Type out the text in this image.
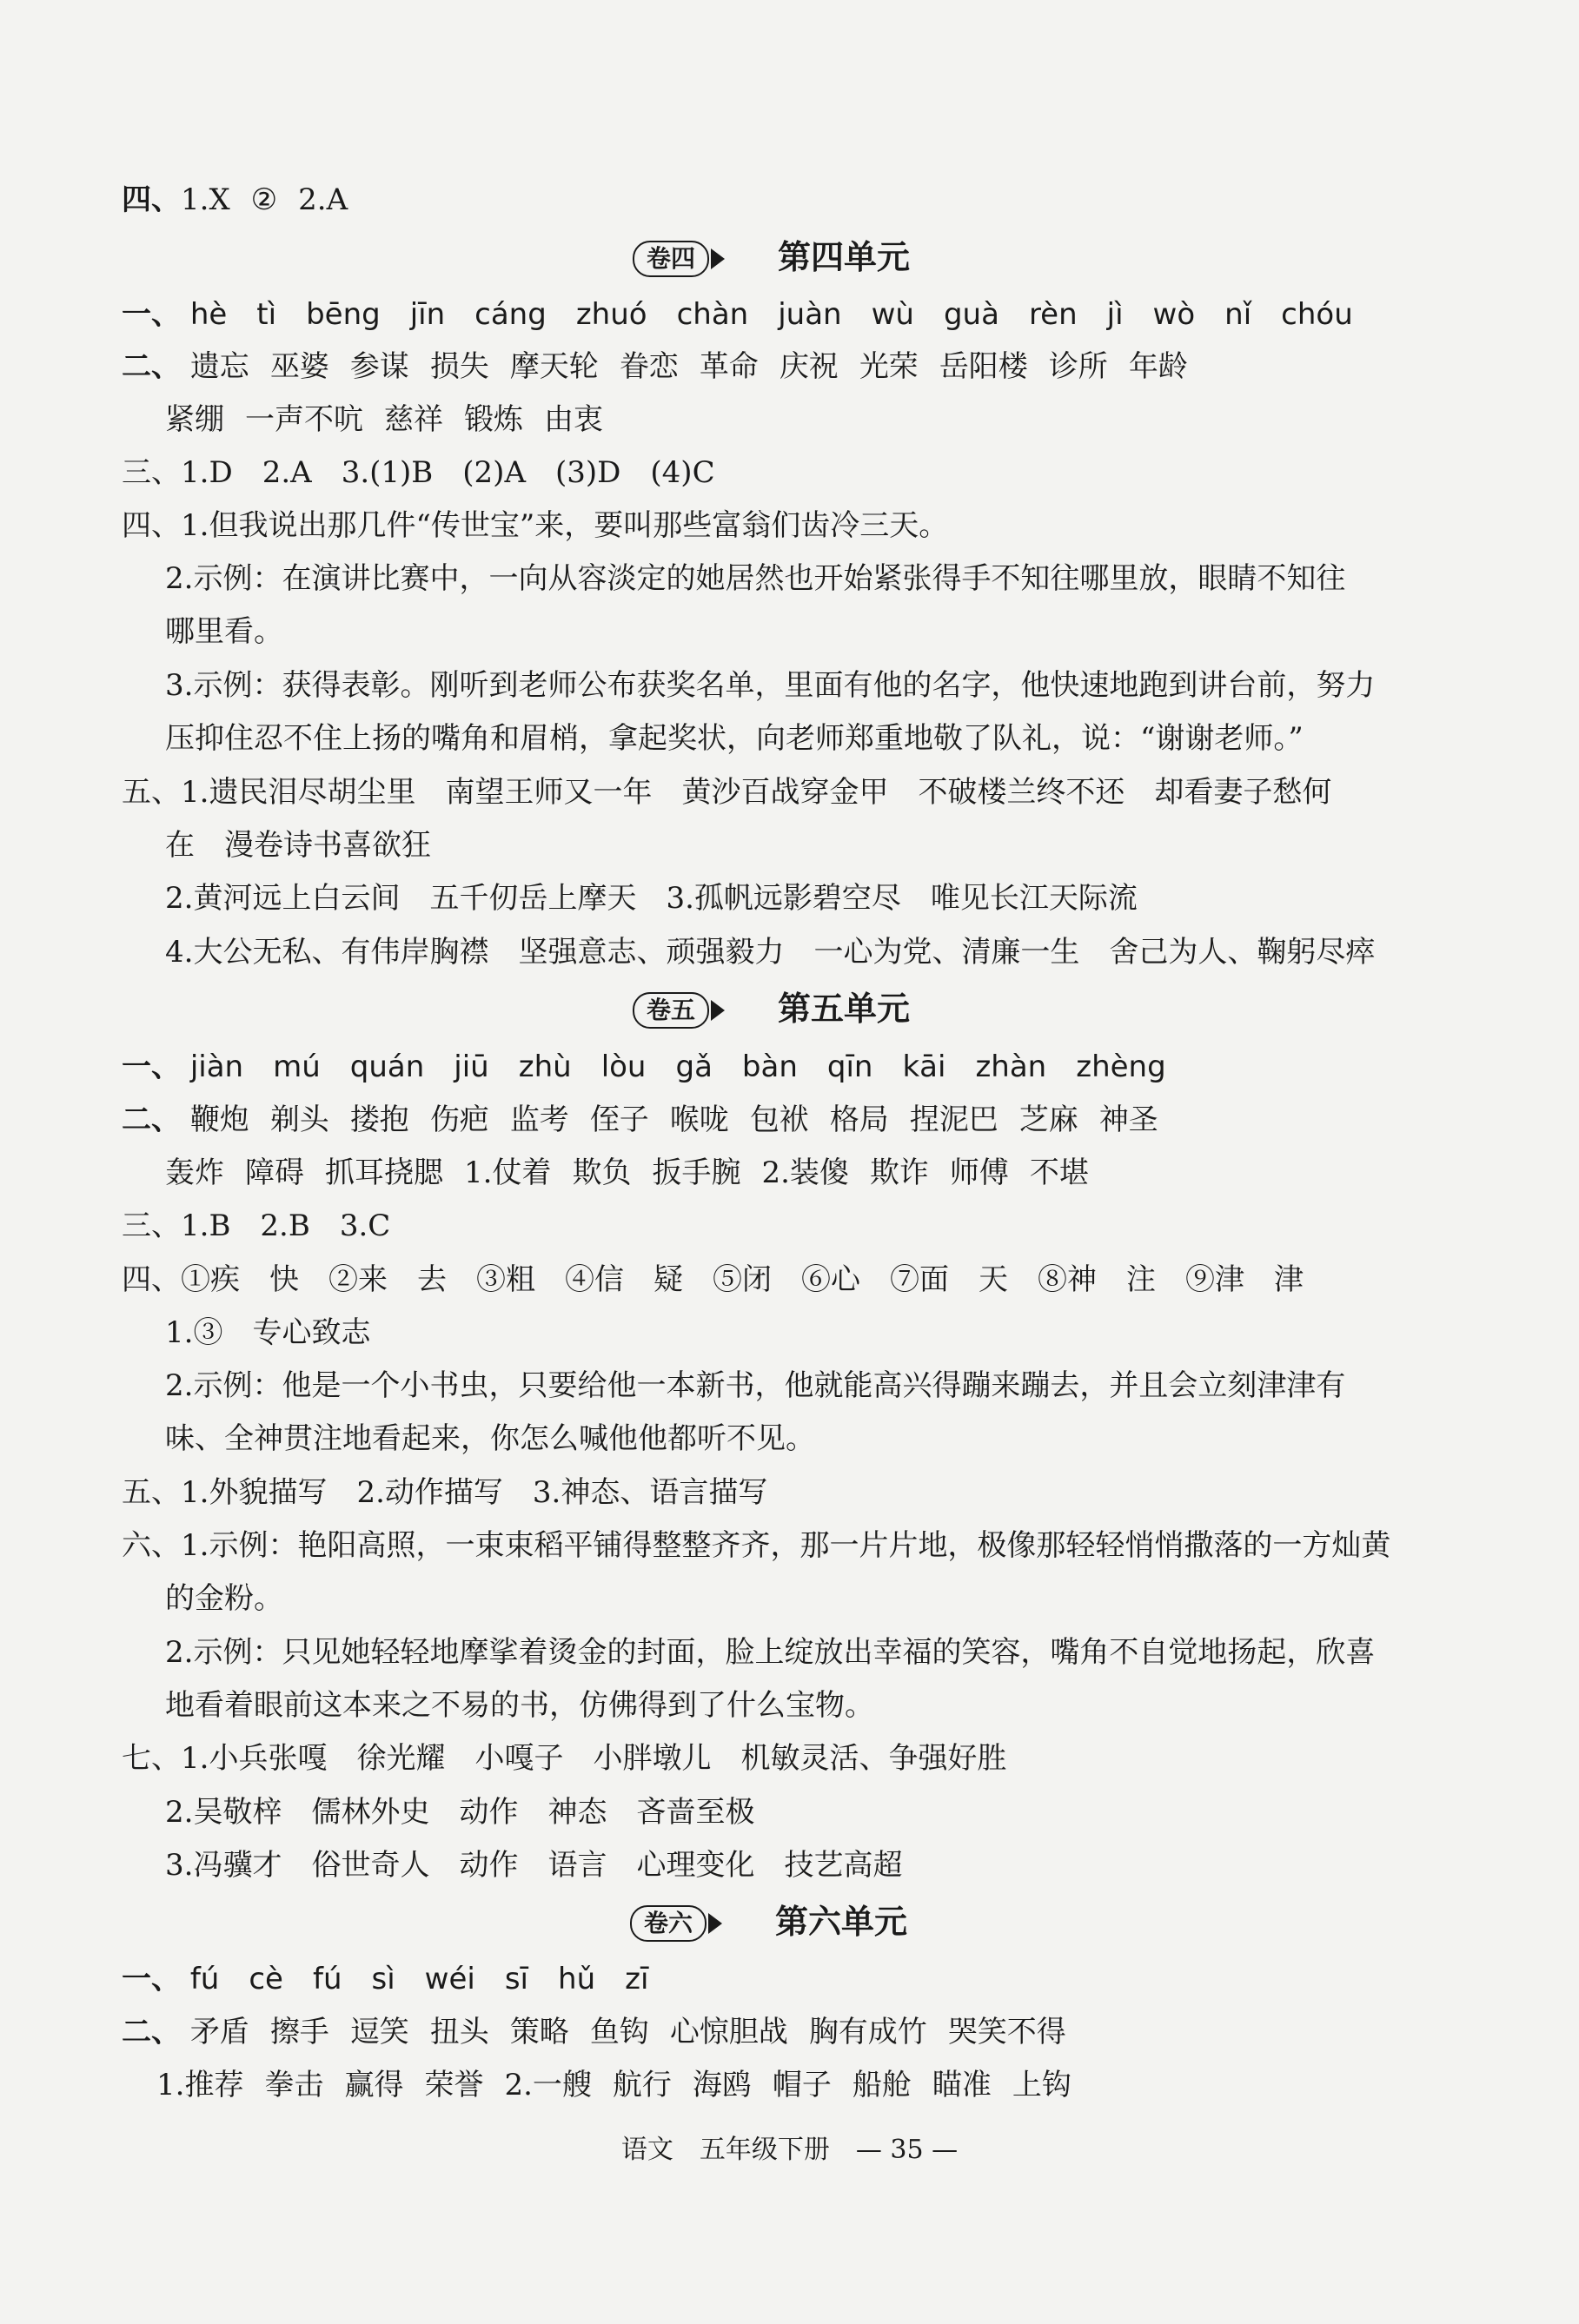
四、1.X ② 2.A
卷四	第四单元
一、 hè tì bēng jīn cáng zhuó chàn juàn wù guà rèn jì wò nǐ chóu
二、 遗忘 巫婆 参谋 损失 摩天轮 眷恋 革命 庆祝 光荣 岳阳楼 诊所 年龄
紧绷 一声不吭 慈祥 锻炼 由衷
三、1.D　2.A　3.(1)B　(2)A　(3)D　(4)C
四、1.但我说出那几件“传世宝”来，要叫那些富翁们齿冷三天。
2.示例：在演讲比赛中，一向从容淡定的她居然也开始紧张得手不知往哪里放，眼睛不知往
哪里看。
3.示例：获得表彰。刚听到老师公布获奖名单，里面有他的名字，他快速地跑到讲台前，努力
压抑住忍不住上扬的嘴角和眉梢，拿起奖状，向老师郑重地敬了队礼，说：“谢谢老师。”
五、1.遗民泪尽胡尘里　南望王师又一年　黄沙百战穿金甲　不破楼兰终不还　却看妻子愁何
在　漫卷诗书喜欲狂
2.黄河远上白云间　五千仞岳上摩天　3.孤帆远影碧空尽　唯见长江天际流
4.大公无私、有伟岸胸襟　坚强意志、顽强毅力　一心为党、清廉一生　舍己为人、鞠躬尽瘁
卷五	第五单元
一、 jiàn mú quán jiū zhù lòu gǎ bàn qīn kāi zhàn zhèng
二、 鞭炮 剃头 搂抱 伤疤 监考 侄子 喉咙 包袱 格局 捏泥巴 芝麻 神圣
轰炸 障碍 抓耳挠腮 1.仗着 欺负 扳手腕 2.装傻 欺诈 师傅 不堪
三、1.B　2.B　3.C
四、①疾　快　②来　去　③粗　④信　疑　⑤闭　⑥心　⑦面　天　⑧神　注　⑨津　津
1.③　专心致志
2.示例：他是一个小书虫，只要给他一本新书，他就能高兴得蹦来蹦去，并且会立刻津津有
味、全神贯注地看起来，你怎么喊他他都听不见。
五、1.外貌描写　2.动作描写　3.神态、语言描写
六、1.示例：艳阳高照，一束束稻平铺得整整齐齐，那一片片地，极像那轻轻悄悄撒落的一方灿黄
的金粉。
2.示例：只见她轻轻地摩挲着烫金的封面，脸上绽放出幸福的笑容，嘴角不自觉地扬起，欣喜
地看着眼前这本来之不易的书，仿佛得到了什么宝物。
七、1.小兵张嘎　徐光耀　小嘎子　小胖墩儿　机敏灵活、争强好胜
2.吴敬梓　儒林外史　动作　神态　吝啬至极
3.冯骥才　俗世奇人　动作　语言　心理变化　技艺高超
卷六	第六单元
一、 fú cè fú sì wéi sī hǔ zī
二、 矛盾 擦手 逗笑 扭头 策略 鱼钩 心惊胆战 胸有成竹 哭笑不得
1.推荐 拳击 赢得 荣誉 2.一艘 航行 海鸥 帽子 船舱 瞄准 上钩
语文　五年级下册　— 35 —
